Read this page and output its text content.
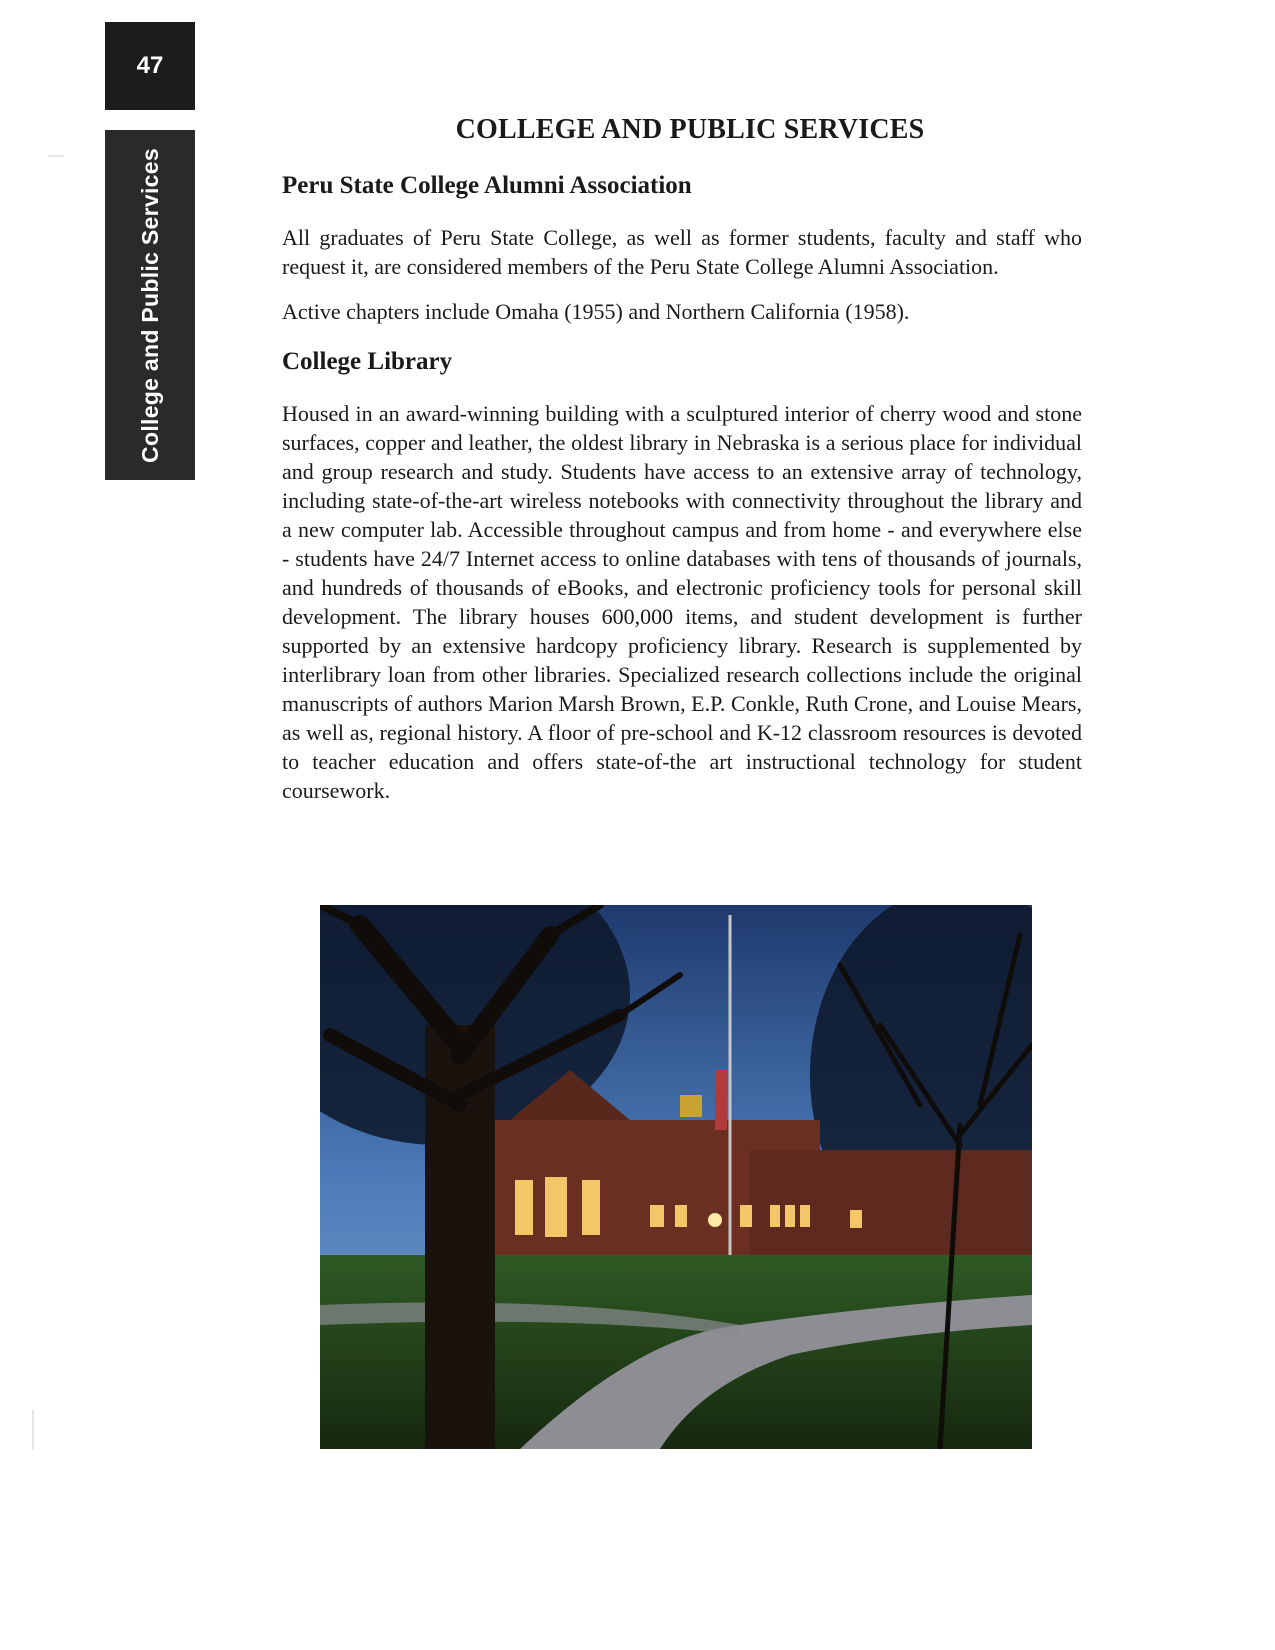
47
College and Public Services
COLLEGE AND PUBLIC SERVICES
Peru State College Alumni Association

All graduates of Peru State College, as well as former students, faculty and staff who request it, are considered members of the Peru State College Alumni Association.

Active chapters include Omaha (1955) and Northern California (1958).

College Library

Housed in an award-winning building with a sculptured interior of cherry wood and stone surfaces, copper and leather, the oldest library in Nebraska is a serious place for individual and group research and study. Students have access to an extensive array of technology, including state-of-the-art wireless notebooks with connectivity throughout the library and a new computer lab. Accessible throughout campus and from home - and everywhere else - students have 24/7 Internet access to online databases with tens of thousands of journals, and hundreds of thousands of eBooks, and electronic proficiency tools for personal skill development. The library houses 600,000 items, and student development is further supported by an extensive hardcopy proficiency library. Research is supplemented by interlibrary loan from other libraries. Specialized research collections include the original manuscripts of authors Marion Marsh Brown, E.P. Conkle, Ruth Crone, and Louise Mears, as well as, regional history. A floor of pre-school and K-12 classroom resources is devoted to teacher education and offers state-of-the art instructional technology for student coursework.
